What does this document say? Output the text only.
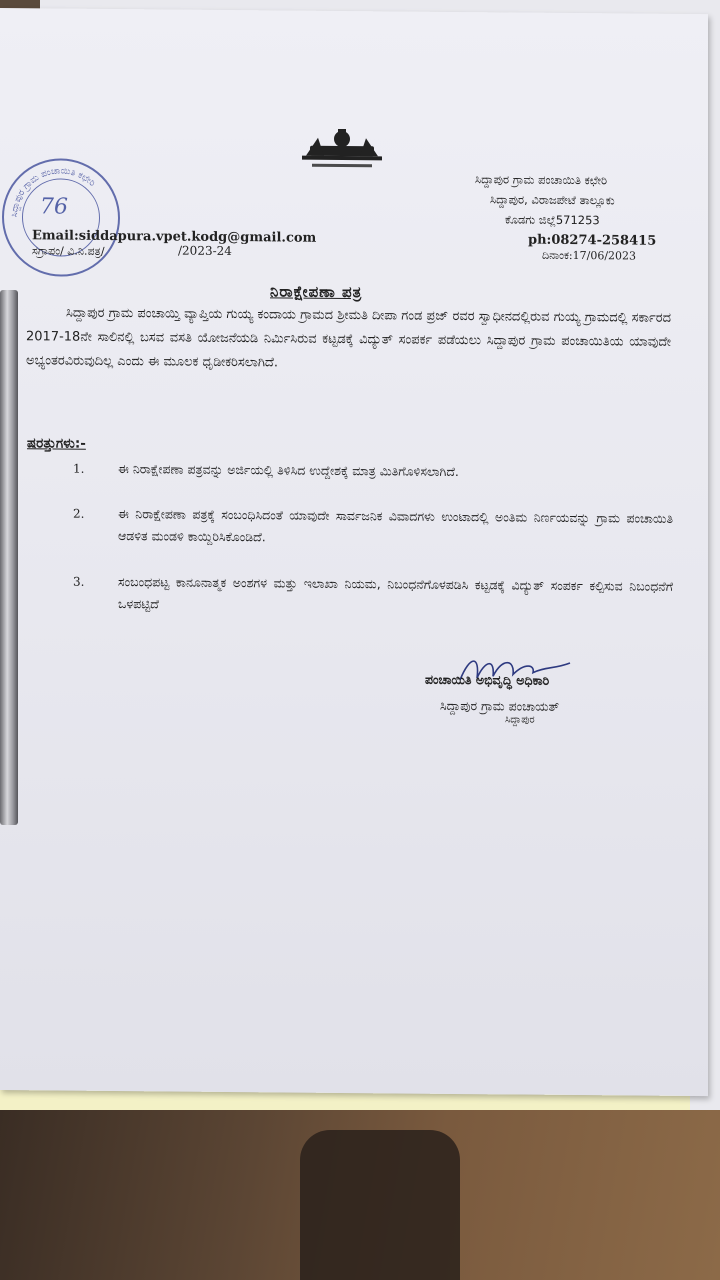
76
ಸಿದ್ದಾಪುರ ಗ್ರಾಮ ಪಂಚಾಯಿತಿ ಕಛೇರಿ	ಸಿದ್ದಾಪುರ ಗ್ರಾಮ ಪಂಚಾಯಿತಿ ಕಛೇರಿ
ಸಿದ್ದಾಪುರ, ವಿರಾಜಪೇಟೆ ತಾಲ್ಲೂಕು
ಕೊಡಗು ಜಿಲ್ಲೆ571253
Email:siddapura.vpet.kodg@gmail.com
ಸಗ್ರಾಪಂ/ ವಿ.ನಿ.ಪತ್ರ/	/2023-24
ph:08274-258415
ದಿನಾಂಕ:17/06/2023
ನಿರಾಕ್ಷೇಪಣಾ ಪತ್ರ
ಸಿದ್ದಾಪುರ ಗ್ರಾಮ ಪಂಚಾಯ್ತಿ ವ್ಯಾಪ್ತಿಯ ಗುಯ್ಯ ಕಂದಾಯ ಗ್ರಾಮದ ಶ್ರೀಮತಿ ದೀಪಾ ಗಂಡ ಪ್ರಜ್ ರವರ ಸ್ವಾಧೀನದಲ್ಲಿರುವ ಗುಯ್ಯ ಗ್ರಾಮದಲ್ಲಿ ಸರ್ಕಾರದ 2017-18ನೇ ಸಾಲಿನಲ್ಲಿ ಬಸವ ವಸತಿ ಯೋಜನೆಯಡಿ ನಿರ್ಮಿಸಿರುವ ಕಟ್ಟಡಕ್ಕೆ ವಿದ್ಯುತ್ ಸಂಪರ್ಕ ಪಡೆಯಲು ಸಿದ್ದಾಪುರ ಗ್ರಾಮ ಪಂಚಾಯಿತಿಯ ಯಾವುದೇ ಅಭ್ಯಂತರವಿರುವುದಿಲ್ಲ ಎಂದು ಈ ಮೂಲಕ ಧೃಡೀಕರಿಸಲಾಗಿದೆ.
ಷರತ್ತುಗಳು:-
1.	ಈ ನಿರಾಕ್ಷೇಪಣಾ ಪತ್ರವನ್ನು ಅರ್ಜಿಯಲ್ಲಿ ತಿಳಿಸಿದ ಉದ್ದೇಶಕ್ಕೆ ಮಾತ್ರ ಮಿತಿಗೊಳಿಸಲಾಗಿದೆ.
2.	ಈ ನಿರಾಕ್ಷೇಪಣಾ ಪತ್ರಕ್ಕೆ ಸಂಬಂಧಿಸಿದಂತೆ ಯಾವುದೇ ಸಾರ್ವಜನಿಕ ವಿವಾದಗಳು ಉಂಟಾದಲ್ಲಿ ಅಂತಿಮ ನಿರ್ಣಯವನ್ನು ಗ್ರಾಮ ಪಂಚಾಯಿತಿ ಆಡಳಿತ ಮಂಡಳಿ ಕಾಯ್ದಿರಿಸಿಕೊಂಡಿದೆ.
3.	ಸಂಬಂಧಪಟ್ಟ ಕಾನೂನಾತ್ಮಕ ಅಂಶಗಳ ಮತ್ತು ಇಲಾಖಾ ನಿಯಮ, ನಿಬಂಧನೆಗೊಳಪಡಿಸಿ ಕಟ್ಟಡಕ್ಕೆ ವಿದ್ಯುತ್ ಸಂಪರ್ಕ ಕಲ್ಪಿಸುವ ನಿಬಂಧನೆಗೆ ಒಳಪಟ್ಟಿದೆ
ಪಂಚಾಯಿತಿ ಅಭಿವೃದ್ಧಿ ಅಧಿಕಾರಿ
ಸಿದ್ದಾಪುರ ಗ್ರಾಮ ಪಂಚಾಯತ್
ಸಿದ್ದಾಪುರ
